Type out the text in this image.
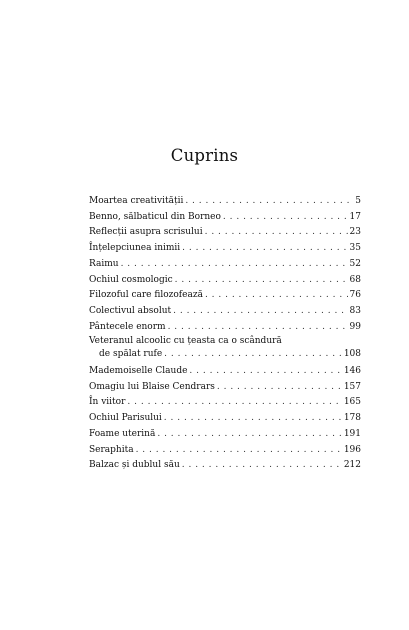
Cuprins
Moartea creativității . . .	5
Benno, sălbaticul din Borneo . . .	17
Reflecții asupra scrisului . . .	23
Înțelepciunea inimii . . .	35
Raimu . . .	52
Ochiul cosmologic . . .	68
Filozoful care filozofează . . .	76
Colectivul absolut . . .	83
Pântecele enorm . . .	99
Veteranul alcoolic cu țeasta ca o scândură
de spălat rufe . . .	108
Mademoiselle Claude . . .	146
Omagiu lui Blaise Cendrars . . .	157
În viitor . . .	165
Ochiul Parisului . . .	178
Foame uterină . . .	191
Seraphita . . .	196
Balzac și dublul său . . .	212
